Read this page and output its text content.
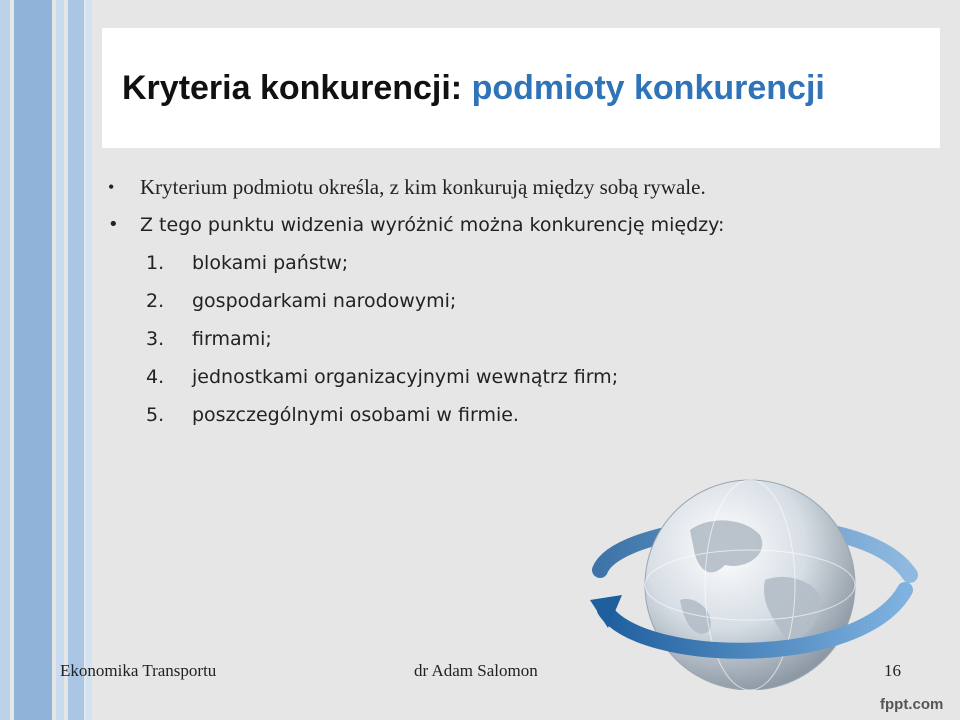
Kryteria konkurencji: podmioty konkurencji
•	Kryterium podmiotu określa, z kim konkurują między sobą rywale.
•	Z tego punktu widzenia wyróżnić można konkurencję między:
1.	blokami państw;
2.	gospodarkami narodowymi;
3.	firmami;
4.	jednostkami organizacyjnymi wewnątrz firm;
5.	poszczególnymi osobami w firmie.
Ekonomika Transportu	dr Adam Salomon	16
fppt.com
